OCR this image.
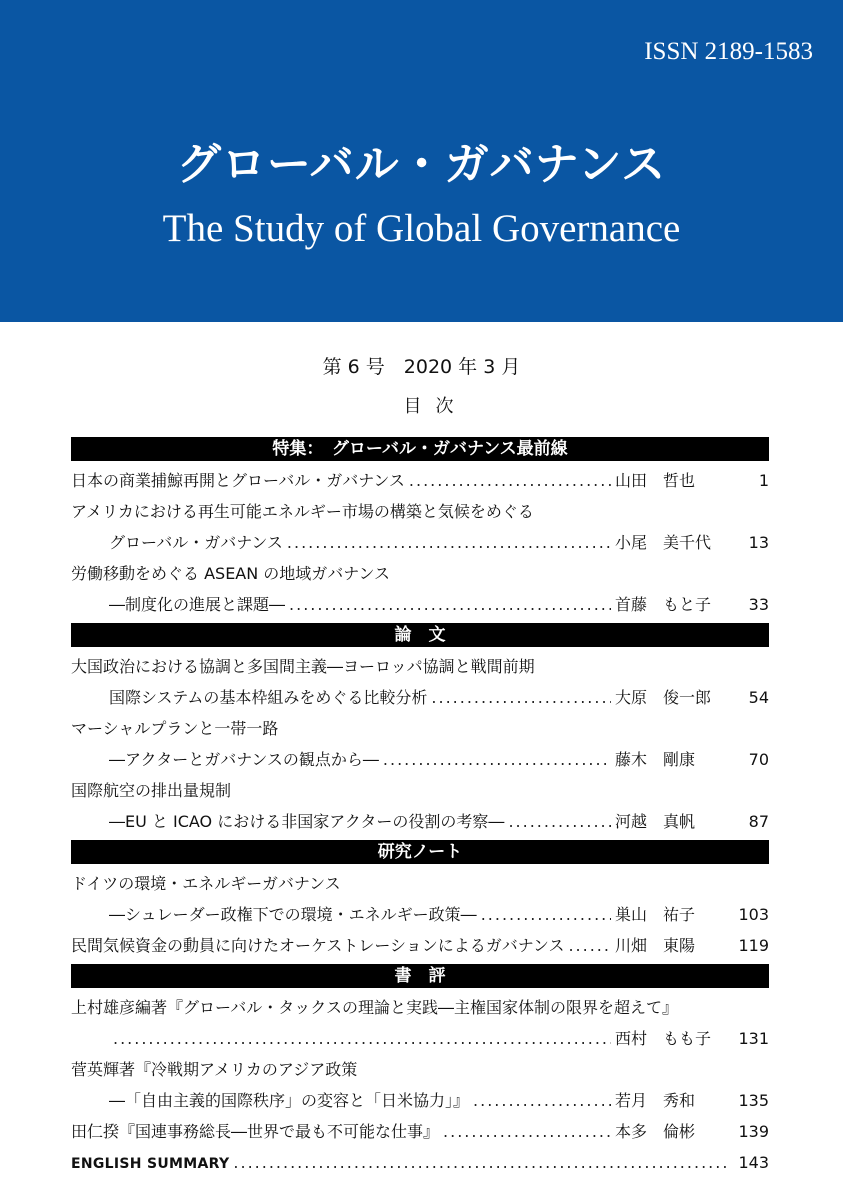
ISSN 2189-1583
グローバル・ガバナンス
The Study of Global Governance
第 6 号　2020 年 3 月
目次
特集：　グローバル・ガバナンス最前線
日本の商業捕鯨再開とグローバル・ガバナンス .....	山田　哲也	1
アメリカにおける再生可能エネルギー市場の構築と気候をめぐる
グローバル・ガバナンス .....	小尾　美千代	13
労働移動をめぐる ASEAN の地域ガバナンス
―制度化の進展と課題― .....	首藤　もと子	33
論　文
大国政治における協調と多国間主義―ヨーロッパ協調と戦間前期
国際システムの基本枠組みをめぐる比較分析 .....	大原　俊一郎	54
マーシャルプランと一帯一路
―アクターとガバナンスの観点から― .....	藤木　剛康	70
国際航空の排出量規制
―EU と ICAO における非国家アクターの役割の考察― .....	河越　真帆	87
研究ノート
ドイツの環境・エネルギーガバナンス
―シュレーダー政権下での環境・エネルギー政策― .....	巣山　祐子	103
民間気候資金の動員に向けたオーケストレーションによるガバナンス .....	川畑　東陽	119
書　評
上村雄彦編著『グローバル・タックスの理論と実践―主権国家体制の限界を超えて』
.....
西村　もも子	131
菅英輝著『冷戦期アメリカのアジア政策
―「自由主義的国際秩序」の変容と「日米協力」』 .....	若月　秀和	135
田仁揆『国連事務総長―世界で最も不可能な仕事』 .....	本多　倫彬	139
ENGLISH SUMMARY .....	143
